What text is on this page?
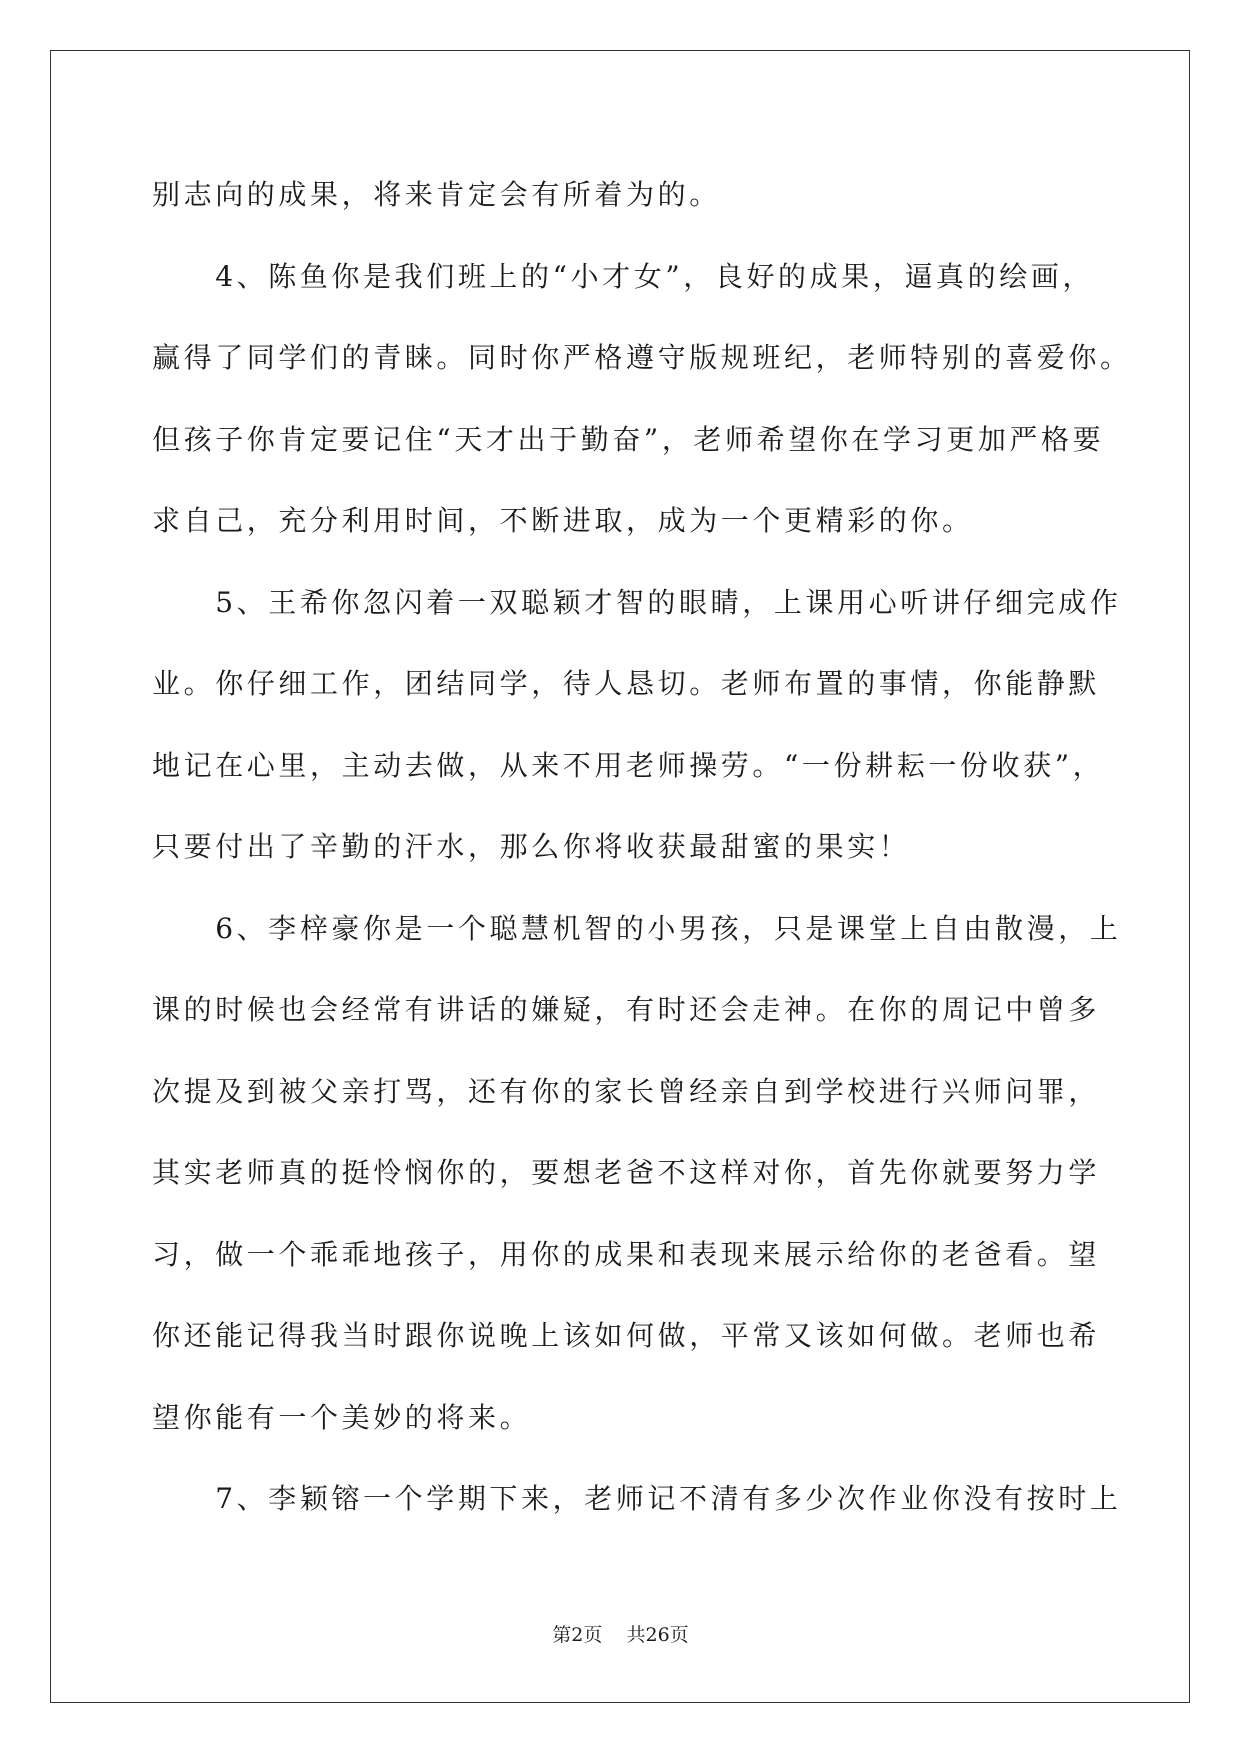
别志向的成果，将来肯定会有所着为的。
　　4、陈鱼你是我们班上的“小才女”，良好的成果，逼真的绘画，
赢得了同学们的青睐。同时你严格遵守版规班纪，老师特别的喜爱你。
但孩子你肯定要记住“天才出于勤奋”，老师希望你在学习更加严格要
求自己，充分利用时间，不断进取，成为一个更精彩的你。
　　5、王希你忽闪着一双聪颖才智的眼睛，上课用心听讲仔细完成作
业。你仔细工作，团结同学，待人恳切。老师布置的事情，你能静默
地记在心里，主动去做，从来不用老师操劳。“一份耕耘一份收获”，
只要付出了辛勤的汗水，那么你将收获最甜蜜的果实！
　　6、李梓豪你是一个聪慧机智的小男孩，只是课堂上自由散漫，上
课的时候也会经常有讲话的嫌疑，有时还会走神。在你的周记中曾多
次提及到被父亲打骂，还有你的家长曾经亲自到学校进行兴师问罪，
其实老师真的挺怜悯你的，要想老爸不这样对你，首先你就要努力学
习，做一个乖乖地孩子，用你的成果和表现来展示给你的老爸看。望
你还能记得我当时跟你说晚上该如何做，平常又该如何做。老师也希
望你能有一个美妙的将来。
　　7、李颖镕一个学期下来，老师记不清有多少次作业你没有按时上
第2页 共26页
